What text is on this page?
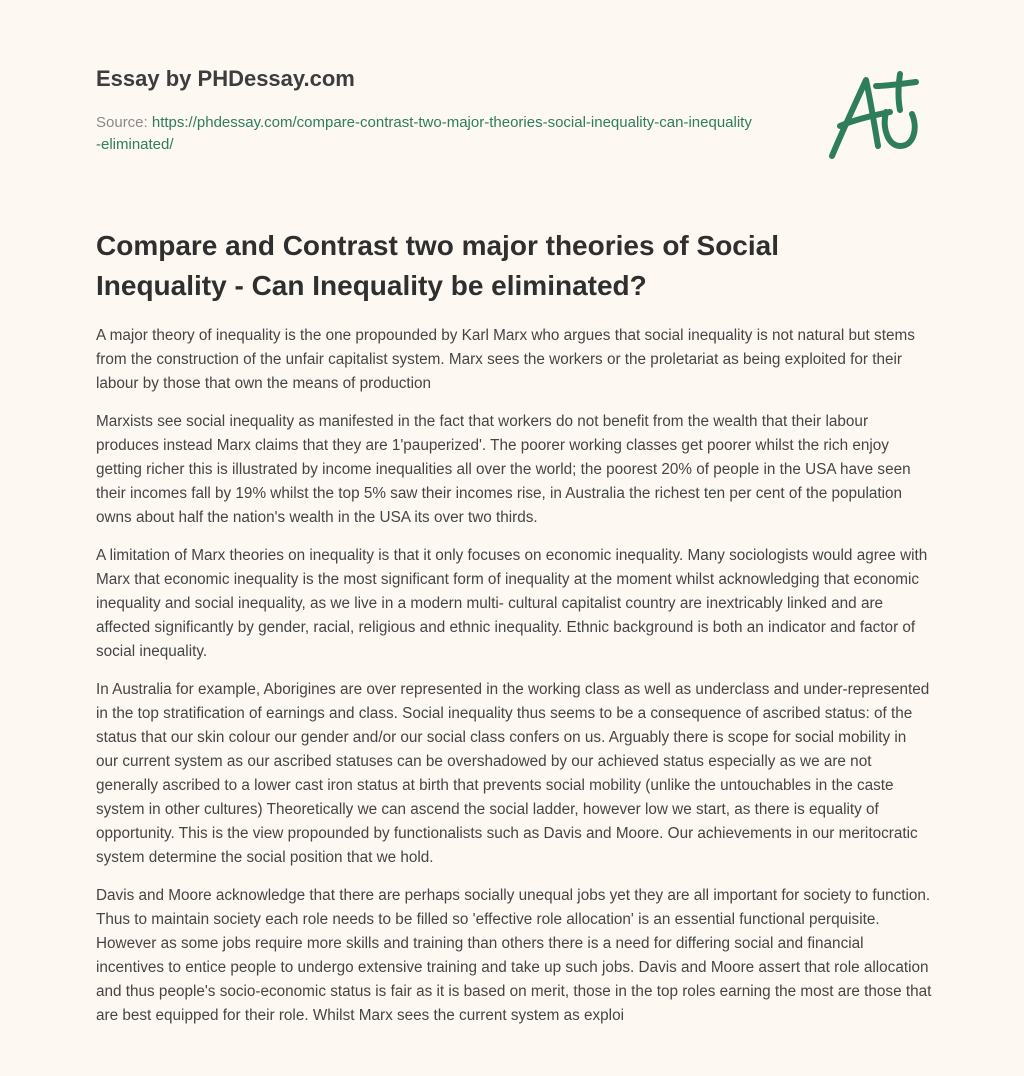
Essay by PHDessay.com
Source: https://phdessay.com/compare-contrast-two-major-theories-social-inequality-can-inequality-eliminated/
Compare and Contrast two major theories of Social Inequality - Can Inequality be eliminated?

A major theory of inequality is the one propounded by Karl Marx who argues that social inequality is not natural but stems from the construction of the unfair capitalist system. Marx sees the workers or the proletariat as being exploited for their labour by those that own the means of production

Marxists see social inequality as manifested in the fact that workers do not benefit from the wealth that their labour produces instead Marx claims that they are 1'pauperized'. The poorer working classes get poorer whilst the rich enjoy getting richer this is illustrated by income inequalities all over the world; the poorest 20% of people in the USA have seen their incomes fall by 19% whilst the top 5% saw their incomes rise, in Australia the richest ten per cent of the population owns about half the nation's wealth in the USA its over two thirds.

A limitation of Marx theories on inequality is that it only focuses on economic inequality. Many sociologists would agree with Marx that economic inequality is the most significant form of inequality at the moment whilst acknowledging that economic inequality and social inequality, as we live in a modern multi- cultural capitalist country are inextricably linked and are affected significantly by gender, racial, religious and ethnic inequality. Ethnic background is both an indicator and factor of social inequality.

In Australia for example, Aborigines are over represented in the working class as well as underclass and under-represented in the top stratification of earnings and class. Social inequality thus seems to be a consequence of ascribed status: of the status that our skin colour our gender and/or our social class confers on us. Arguably there is scope for social mobility in our current system as our ascribed statuses can be overshadowed by our achieved status especially as we are not generally ascribed to a lower cast iron status at birth that prevents social mobility (unlike the untouchables in the caste system in other cultures) Theoretically we can ascend the social ladder, however low we start, as there is equality of opportunity. This is the view propounded by functionalists such as Davis and Moore. Our achievements in our meritocratic system determine the social position that we hold.

Davis and Moore acknowledge that there are perhaps socially unequal jobs yet they are all important for society to function. Thus to maintain society each role needs to be filled so 'effective role allocation' is an essential functional perquisite. However as some jobs require more skills and training than others there is a need for differing social and financial incentives to entice people to undergo extensive training and take up such jobs. Davis and Moore assert that role allocation and thus people's socio-economic status is fair as it is based on merit, those in the top roles earning the most are those that are best equipped for their role. Whilst Marx sees the current system as exploi
